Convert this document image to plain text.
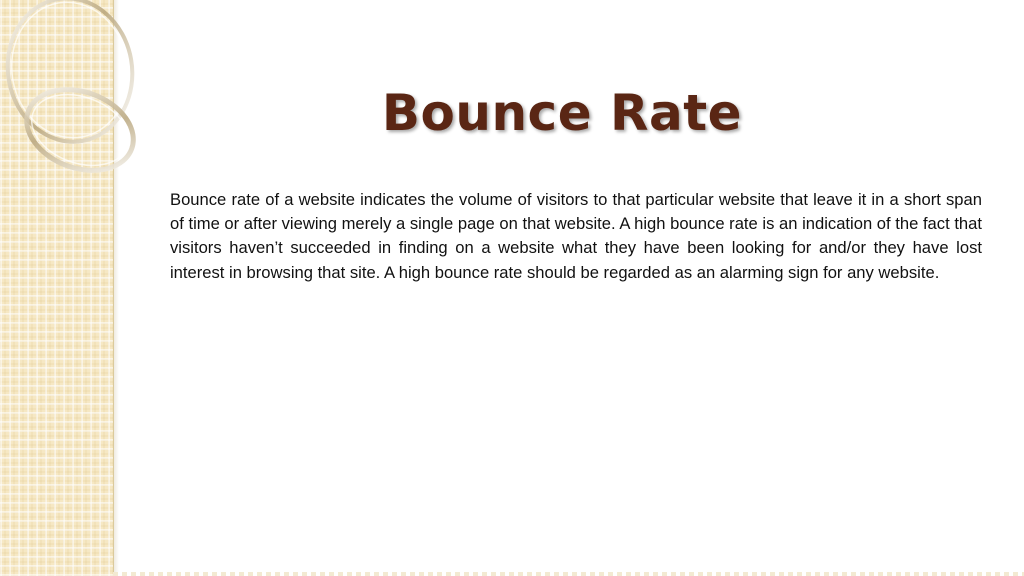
Bounce Rate

Bounce rate of a website indicates the volume of visitors to that particular website that leave it in a short span of time or after viewing merely a single page on that website. A high bounce rate is an indication of the fact that visitors haven’t succeeded in finding on a website what they have been looking for and/or they have lost interest in browsing that site. A high bounce rate should be regarded as an alarming sign for any website.
